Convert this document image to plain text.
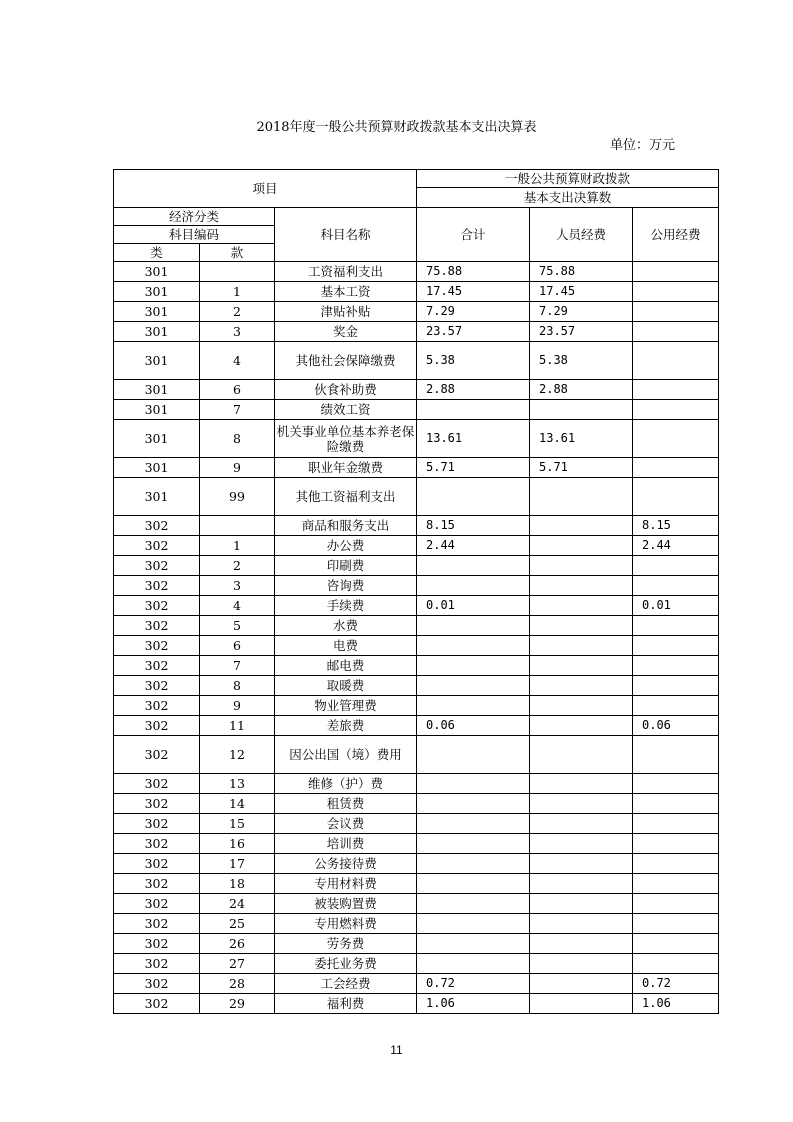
2018年度一般公共预算财政拨款基本支出决算表
单位：万元
项目			一般公共预算财政拨款		
			基本支出决算数		
经济分类		科目名称	合计	人员经费	公用经费
科目编码					
类	款				
301		工资福利支出	75.88	75.88	
301	1	基本工资	17.45	17.45	
301	2	津贴补贴	7.29	7.29	
301	3	奖金	23.57	23.57	
301	4	其他社会保障缴费	5.38	5.38	
301	6	伙食补助费	2.88	2.88	
301	7	绩效工资			
301	8	机关事业单位基本养老保险缴费	13.61	13.61	
301	9	职业年金缴费	5.71	5.71	
301	99	其他工资福利支出			
302		商品和服务支出	8.15		8.15
302	1	办公费	2.44		2.44
302	2	印刷费			
302	3	咨询费			
302	4	手续费	0.01		0.01
302	5	水费			
302	6	电费			
302	7	邮电费			
302	8	取暖费			
302	9	物业管理费			
302	11	差旅费	0.06		0.06
302	12	因公出国（境）费用			
302	13	维修（护）费			
302	14	租赁费			
302	15	会议费			
302	16	培训费			
302	17	公务接待费			
302	18	专用材料费			
302	24	被装购置费			
302	25	专用燃料费			
302	26	劳务费			
302	27	委托业务费			
302	28	工会经费	0.72		0.72
302	29	福利费	1.06		1.06
11
